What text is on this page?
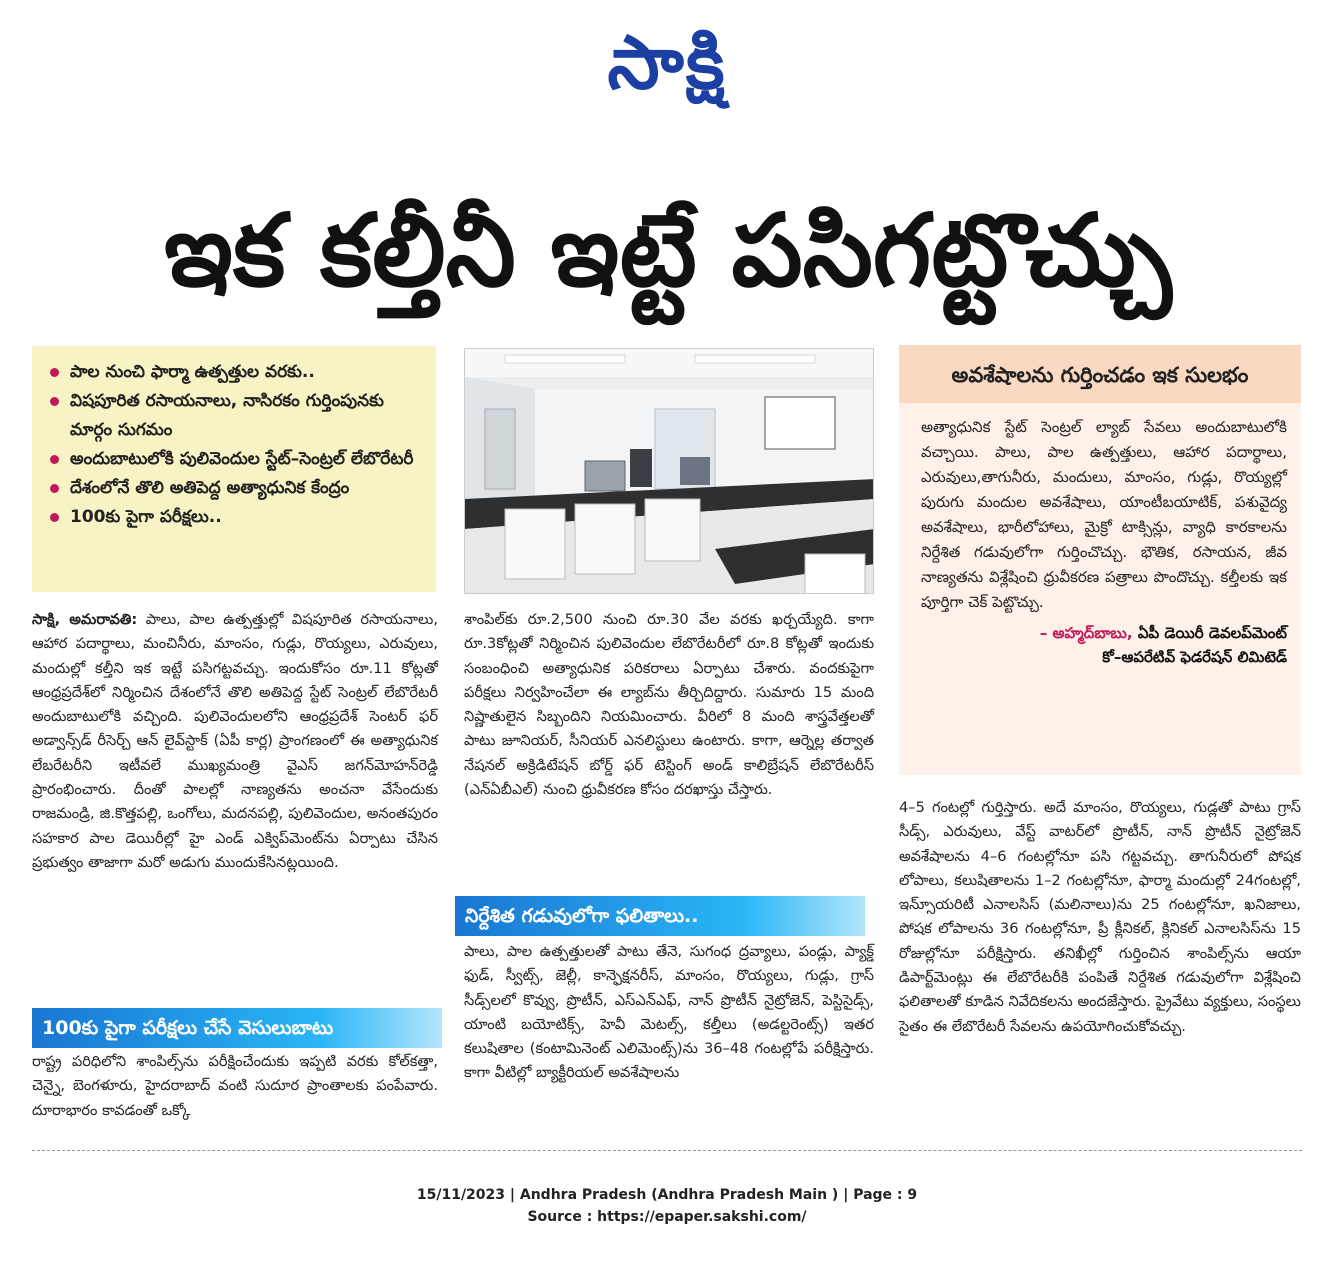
సాక్షి
ఇక కల్తీనీ ఇట్టే పసిగట్టొచ్చు
పాల నుంచి ఫార్మా ఉత్పత్తుల వరకు..
విషపూరిత రసాయనాలు, నాసిరకం గుర్తింపునకు మార్గం సుగమం
అందుబాటులోకి పులివెందుల స్టేట్‌–సెంట్రల్‌ లేబొరేటరీ
దేశంలోనే తొలి అతిపెద్ద అత్యాధునిక కేంద్రం
100కు పైగా పరీక్షలు..
అవశేషాలను గుర్తించడం ఇక సులభం

అత్యాధునిక స్టేట్‌ సెంట్రల్‌ ల్యాబ్‌ సేవలు అందుబాటులోకి వచ్చాయి. పాలు, పాల ఉత్పత్తులు, ఆహార పదార్థాలు, ఎరువులు,తాగునీరు, మందులు, మాంసం, గుడ్లు, రొయ్యల్లో పురుగు మందుల అవశేషాలు, యాంటీబయాటిక్, పశువైద్య అవశేషాలు, భారీలోహాలు, మైక్రో టాక్సిన్లు, వ్యాధి కారకాలను నిర్దేశిత గడువులోగా గుర్తించొచ్చు. భౌతిక, రసాయన, జీవ నాణ్యతను విశ్లేషించి ధ్రువీకరణ పత్రాలు పొందొచ్చు. కల్తీలకు ఇక పూర్తిగా చెక్‌ పెట్టొచ్చు.

– అహ్మద్‌బాబు, ఏపీ డెయిరీ డెవలప్‌మెంట్‌
కో–ఆపరేటివ్‌ ఫెడరేషన్‌ లిమిటెడ్‌

సాక్షి, అమరావతి: పాలు, పాల ఉత్పత్తుల్లో విషపూరిత రసాయనాలు, ఆహార పదార్థాలు, మంచినీరు, మాంసం, గుడ్లు, రొయ్యలు, ఎరువులు, మందుల్లో కల్తీని ఇక ఇట్టే పసిగట్టవచ్చు. ఇందుకోసం రూ.11 కోట్లతో ఆంధ్రప్రదేశ్‌లో నిర్మించిన దేశంలోనే తొలి అతిపెద్ద స్టేట్‌ సెంట్రల్‌ లేబొరేటరీ అందుబాటులోకి వచ్చింది. పులివెందులలోని ఆంధ్రప్రదేశ్‌ సెంటర్‌ ఫర్‌ అడ్వాన్స్‌డ్‌ రీసెర్చ్‌ ఆన్‌ లైవ్‌స్టాక్‌ (ఏపీ కార్ల) ప్రాంగణంలో ఈ అత్యాధునిక లేబరేటరీని ఇటీవలే ముఖ్యమంత్రి వైఎస్‌ జగన్‌మోహన్‌రెడ్డి ప్రారంభించారు. దీంతో పాలల్లో నాణ్యతను అంచనా వేసేందుకు రాజమండ్రి, జి.కొత్తపల్లి, ఒంగోలు, మదనపల్లి, పులివెందుల, అనంతపురం సహకార పాల డెయిరీల్లో హై ఎండ్‌ ఎక్విప్‌మెంట్‌ను ఏర్పాటు చేసిన ప్రభుత్వం తాజాగా మరో అడుగు ముందుకేసినట్లయింది.

100కు పైగా పరీక్షలు చేసే వెసులుబాటు

రాష్ట్ర పరిధిలోని శాంపిల్స్‌ను పరీక్షించేందుకు ఇప్పటి వరకు కోల్‌కత్తా, చెన్నై, బెంగళూరు, హైదరాబాద్‌ వంటి సుదూర ప్రాంతాలకు పంపేవారు. దూరాభారం కావడంతో ఒక్కో

శాంపిల్‌కు రూ.2,500 నుంచి రూ.30 వేల వరకు ఖర్చయ్యేది. కాగా రూ.3కోట్లతో నిర్మించిన పులివెందుల లేబొరేటరీలో రూ.8 కోట్లతో ఇందుకు సంబంధించి అత్యాధునిక పరికరాలు ఏర్పాటు చేశారు. వందకుపైగా పరీక్షలు నిర్వహించేలా ఈ ల్యాబ్‌ను తీర్చిదిద్దారు. సుమారు 15 మంది నిష్ణాతులైన సిబ్బందిని నియమించారు. వీరిలో 8 మంది శాస్త్రవేత్తలతో పాటు జూనియర్, సీనియర్‌ ఎనలిస్టులు ఉంటారు. కాగా, ఆర్నెల్ల తర్వాత నేషనల్‌ అక్రిడిటేషన్‌ బోర్డ్‌ ఫర్‌ టెస్టింగ్‌ అండ్‌ కాలిబ్రేషన్‌ లేబొరేటరీస్‌ (ఎన్‌ఏబీఎల్‌) నుంచి ధ్రువీకరణ కోసం దరఖాస్తు చేస్తారు.

నిర్దేశిత గడువులోగా ఫలితాలు..

పాలు, పాల ఉత్పత్తులతో పాటు తేనె, సుగంధ ద్రవ్యాలు, పండ్లు, ప్యాక్డ్‌ ఫుడ్, స్వీట్స్, జెల్లీ, కాన్ఫెక్షనరీస్, మాంసం, రొయ్యలు, గుడ్లు, గ్రాస్‌ సీడ్స్‌లలో కొవ్వు, ప్రొటీన్, ఎస్‌ఎన్‌ఎఫ్, నాన్‌ ప్రొటీన్‌ నైట్రోజెన్, పెస్టిసైడ్స్, యాంటి బయోటిక్స్, హెవీ మెటల్స్, కల్తీలు (అడల్టరెంట్స్‌) ఇతర కలుషితాల (కంటామినెంట్‌ ఎలిమెంట్స్‌)ను 36–48 గంటల్లోపే పరీక్షిస్తారు. కాగా వీటిల్లో బ్యాక్టీరియల్‌ అవశేషాలను

4–5 గంటల్లో గుర్తిస్తారు. అదే మాంసం, రొయ్యలు, గుడ్లతో పాటు గ్రాస్‌ సీడ్స్, ఎరువులు, వేస్ట్‌ వాటర్‌లో ప్రొటీన్, నాన్‌ ప్రొటీన్‌ నైట్రోజెన్‌ అవశేషాలను 4–6 గంటల్లోనూ పసి గట్టవచ్చు. తాగునీరులో పోషక లోపాలు, కలుషితాలను 1–2 గంటల్లోనూ, ఫార్మా మందుల్లో 24గంటల్లో, ఇన్సూ్యరిటీ ఎనాలసిస్‌ (మలినాలు)ను 25 గంటల్లోనూ, ఖనిజాలు, పోషక లోపాలను 36 గంటల్లోనూ, ప్రీ క్లీనికల్, క్లినికల్‌ ఎనాలసిస్‌ను 15 రోజుల్లోనూ పరీక్షిస్తారు. తనిఖీల్లో గుర్తించిన శాంపిల్స్‌ను ఆయా డిపార్ట్‌మెంట్లు ఈ లేబొరేటరీకి పంపితే నిర్దేశిత గడువులోగా విశ్లేషించి ఫలితాలతో కూడిన నివేదికలను అందజేస్తారు. ప్రైవేటు వ్యక్తులు, సంస్థలు సైతం ఈ లేబొరేటరీ సేవలను ఉపయోగించుకోవచ్చు.

15/11/2023 | Andhra Pradesh (Andhra Pradesh Main ) | Page : 9
Source : https://epaper.sakshi.com/
